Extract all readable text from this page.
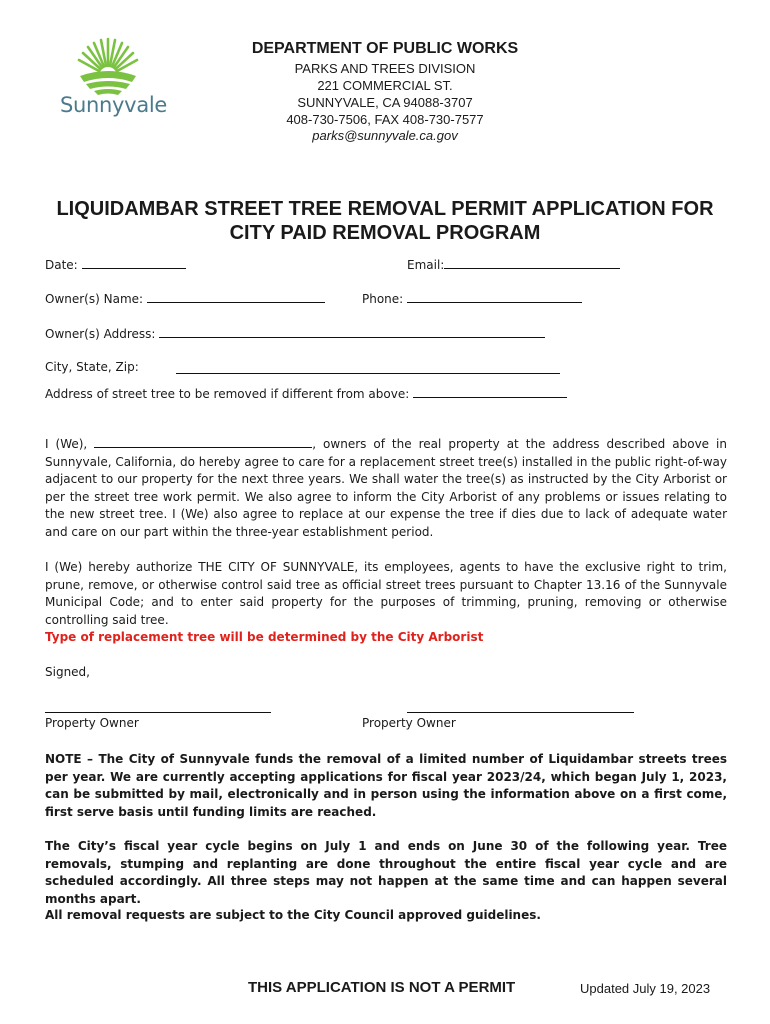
Sunnyvale
DEPARTMENT OF PUBLIC WORKS
PARKS AND TREES DIVISION
221 COMMERCIAL ST.
SUNNYVALE, CA 94088-3707
408-730-7506, FAX 408-730-7577
parks@sunnyvale.ca.gov
LIQUIDAMBAR STREET TREE REMOVAL PERMIT APPLICATION FOR
CITY PAID REMOVAL PROGRAM
Date:	Email:
Owner(s) Name:	Phone:
Owner(s) Address:
City, State, Zip:
Address of street tree to be removed if different from above:
I (We),	, owners of the real property at the address described above in Sunnyvale, California, do hereby agree to care for a replacement street tree(s) installed in the public right-of-way adjacent to our property for the next three years. We shall water the tree(s) as instructed by the City Arborist or per the street tree work permit. We also agree to inform the City Arborist of any problems or issues relating to the new street tree. I (We) also agree to replace at our expense the tree if dies due to lack of adequate water and care on our part within the three-year establishment period.
I (We) hereby authorize THE CITY OF SUNNYVALE, its employees, agents to have the exclusive right to trim, prune, remove, or otherwise control said tree as official street trees pursuant to Chapter 13.16 of the Sunnyvale Municipal Code; and to enter said property for the purposes of trimming, pruning, removing or otherwise controlling said tree.
Type of replacement tree will be determined by the City Arborist
Signed,
Property Owner	Property Owner
NOTE – The City of Sunnyvale funds the removal of a limited number of Liquidambar streets trees per year. We are currently accepting applications for fiscal year 2023/24, which began July 1, 2023, can be submitted by mail, electronically and in person using the information above on a first come, first serve basis until funding limits are reached.
The City’s fiscal year cycle begins on July 1 and ends on June 30 of the following year. Tree removals, stumping and replanting are done throughout the entire fiscal year cycle and are scheduled accordingly. All three steps may not happen at the same time and can happen several months apart.
All removal requests are subject to the City Council approved guidelines.
THIS APPLICATION IS NOT A PERMIT	Updated July 19, 2023
